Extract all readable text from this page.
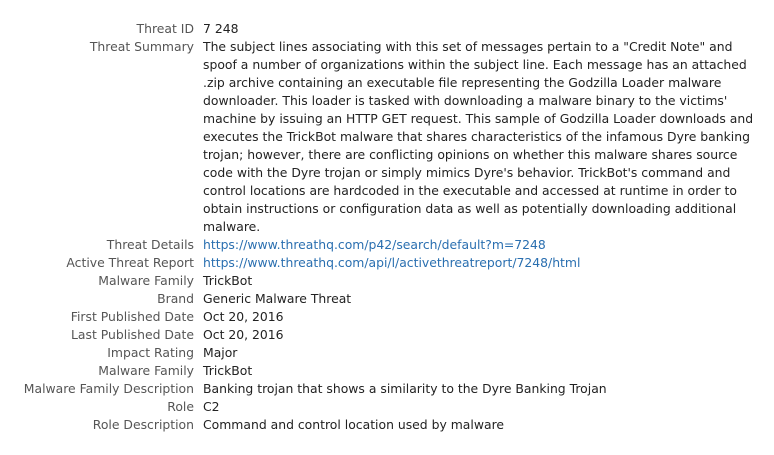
Threat ID 7 248
Threat Summary The subject lines associating with this set of messages pertain to a "Credit Note" and spoof a number of organizations within the subject line. Each message has an attached .zip archive containing an executable file representing the Godzilla Loader malware downloader. This loader is tasked with downloading a malware binary to the victims' machine by issuing an HTTP GET request. This sample of Godzilla Loader downloads and executes the TrickBot malware that shares characteristics of the infamous Dyre banking trojan; however, there are conflicting opinions on whether this malware shares source code with the Dyre trojan or simply mimics Dyre's behavior. TrickBot's command and control locations are hardcoded in the executable and accessed at runtime in order to obtain instructions or configuration data as well as potentially downloading additional malware.
Threat Details https://www.threathq.com/p42/search/default?m=7248
Active Threat Report https://www.threathq.com/api/l/activethreatreport/7248/html
Malware Family TrickBot
Brand Generic Malware Threat
First Published Date Oct 20, 2016
Last Published Date Oct 20, 2016
Impact Rating Major
Malware Family TrickBot
Malware Family Description Banking trojan that shows a similarity to the Dyre Banking Trojan
Role C2
Role Description Command and control location used by malware
